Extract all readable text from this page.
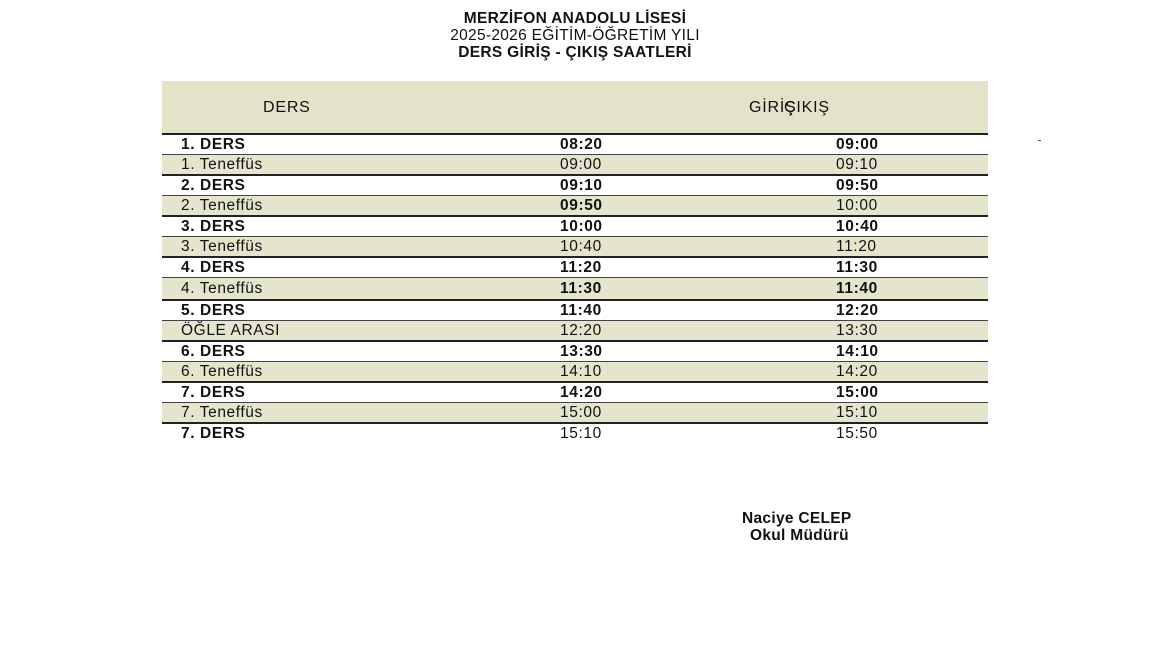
MERZİFON ANADOLU LİSESİ
2025-2026 EĞİTİM-ÖĞRETİM YILI
DERS GİRİŞ - ÇIKIŞ SAATLERİ
DERS	GİRİŞ	ÇIKIŞ
1. DERS	08:20	09:00
1. Teneffüs	09:00	09:10
2. DERS	09:10	09:50
2. Teneffüs	09:50	10:00
3. DERS	10:00	10:40
3. Teneffüs	10:40	11:20
4. DERS	11:20	11:30
4. Teneffüs	11:30	11:40
5. DERS	11:40	12:20
ÖĞLE ARASI	12:20	13:30
6. DERS	13:30	14:10
6. Teneffüs	14:10	14:20
7. DERS	14:20	15:00
7. Teneffüs	15:00	15:10
7. DERS	15:10	15:50
Naciye CELEP
Okul Müdürü
